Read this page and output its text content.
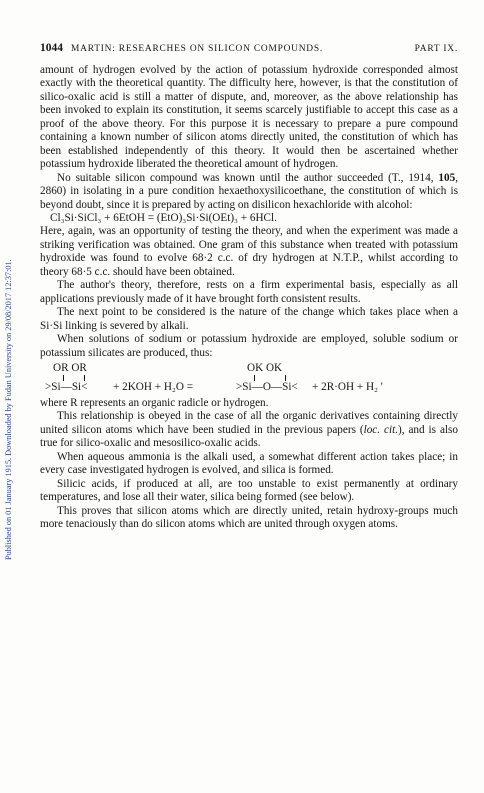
Published on 01 January 1915. Downloaded by Fudan University on 29/08/2017 12:37:01.
1044 MARTIN: RESEARCHES ON SILICON COMPOUNDS.	PART IX.

amount of hydrogen evolved by the action of potassium hydroxide corresponded almost exactly with the theoretical quantity. The difficulty here, however, is that the constitution of silico-oxalic acid is still a matter of dispute, and, moreover, as the above relationship has been invoked to explain its constitution, it seems scarcely justifiable to accept this case as a proof of the above theory. For this purpose it is necessary to prepare a pure compound containing a known number of silicon atoms directly united, the constitution of which has been established independently of this theory. It would then be ascertained whether potassium hydroxide liberated the theoretical amount of hydrogen.

No suitable silicon compound was known until the author succeeded (T., 1914, 105, 2860) in isolating in a pure condition hexaethoxysilicoethane, the constitution of which is beyond doubt, since it is prepared by acting on disilicon hexachloride with alcohol:

Cl₃Si·SiCl₃ + 6EtOH = (EtO)₃Si·Si(OEt)₃ + 6HCl.

Here, again, was an opportunity of testing the theory, and when the experiment was made a striking verification was obtained. One gram of this substance when treated with potassium hydroxide was found to evolve 68·2 c.c. of dry hydrogen at N.T.P., whilst according to theory 68·5 c.c. should have been obtained.

The author's theory, therefore, rests on a firm experimental basis, especially as all applications previously made of it have brought forth consistent results.

The next point to be considered is the nature of the change which takes place when a Si·Si linking is severed by alkali.

When solutions of sodium or potassium hydroxide are employed, soluble sodium or potassium silicates are produced, thus:

OR OR
>Si—Si< + 2KOH + H₂O =
OK OK
>Si—O—Si< + 2R·OH + H₂ '

where R represents an organic radicle or hydrogen.

This relationship is obeyed in the case of all the organic derivatives containing directly united silicon atoms which have been studied in the previous papers (loc. cit.), and is also true for silico-oxalic and mesosilico-oxalic acids.

When aqueous ammonia is the alkali used, a somewhat different action takes place; in every case investigated hydrogen is evolved, and silica is formed.

Silicic acids, if produced at all, are too unstable to exist permanently at ordinary temperatures, and lose all their water, silica being formed (see below).

This proves that silicon atoms which are directly united, retain hydroxy-groups much more tenaciously than do silicon atoms which are united through oxygen atoms.
